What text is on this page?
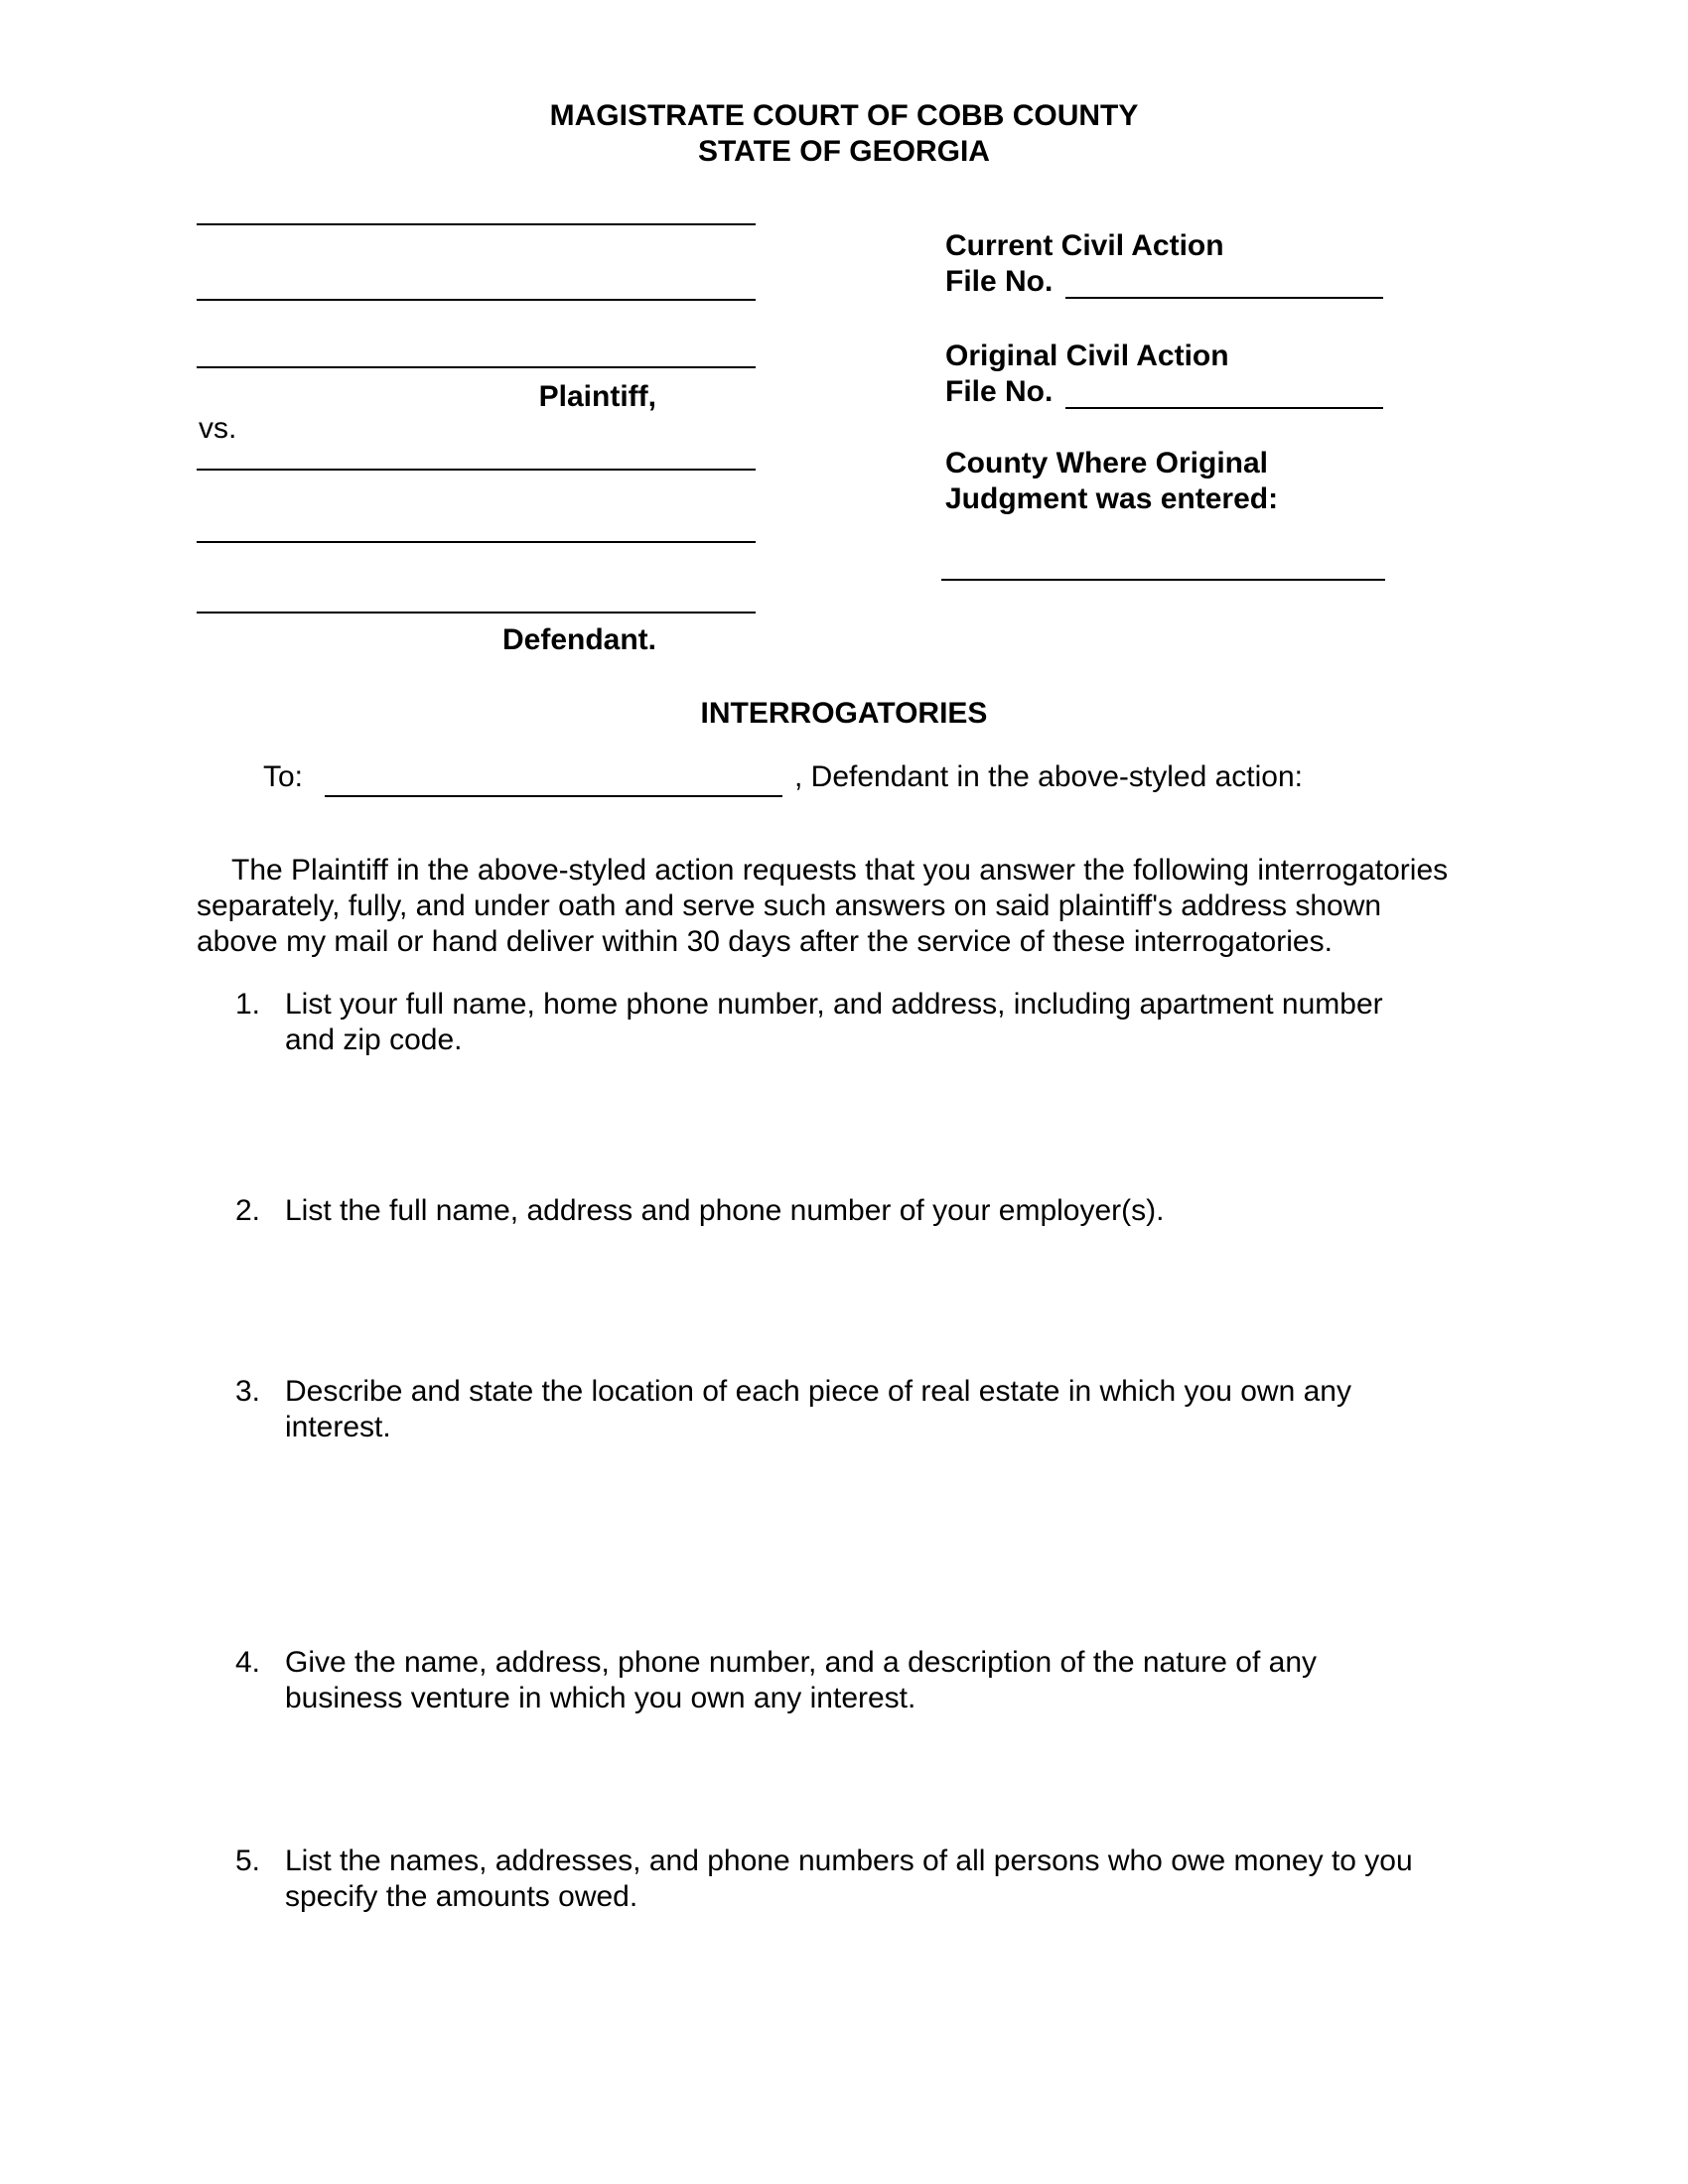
MAGISTRATE COURT OF COBB COUNTY
STATE OF GEORGIA
Plaintiff,
vs.
Defendant.
Current Civil Action
File No.
Original Civil Action
File No.
County Where Original
Judgment was entered:
INTERROGATORIES
To:	, Defendant in the above-styled action:
The Plaintiff in the above-styled action requests that you answer the following interrogatories
separately, fully, and under oath and serve such answers on said plaintiff's address shown
above my mail or hand deliver within 30 days after the service of these interrogatories.
1. List your full name, home phone number, and address, including apartment number
and zip code.
2. List the full name, address and phone number of your employer(s).
3. Describe and state the location of each piece of real estate in which you own any
interest.
4. Give the name, address, phone number, and a description of the nature of any
business venture in which you own any interest.
5. List the names, addresses, and phone numbers of all persons who owe money to you
specify the amounts owed.
